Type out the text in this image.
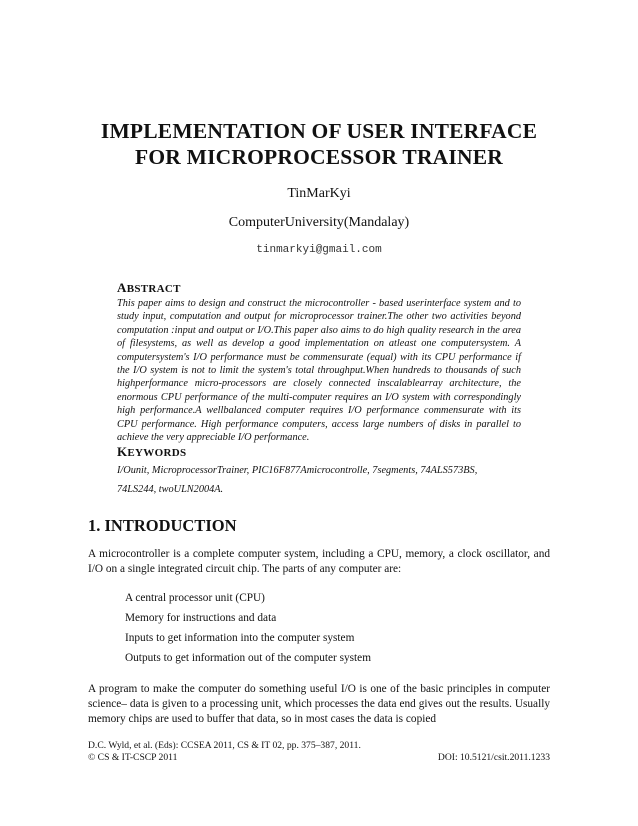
IMPLEMENTATION OF USER INTERFACE
FOR MICROPROCESSOR TRAINER
TinMarKyi
ComputerUniversity(Mandalay)
tinmarkyi@gmail.com
ABSTRACT
This paper aims to design and construct the microcontroller - based userinterface system and to study input, computation and output for microprocessor trainer.The other two activities beyond computation :input and output or I/O.This paper also aims to do high quality research in the area of filesystems, as well as develop a good implementation on atleast one computersystem. A computersystem's I/O performance must be commensurate (equal) with its CPU performance if the I/O system is not to limit the system's total throughput.When hundreds to thousands of such highperformance micro-processors are closely connected inscalablearray architecture, the enormous CPU performance of the multi-computer requires an I/O system with correspondingly high performance.A wellbalanced computer requires I/O performance commensurate with its CPU performance. High performance computers, access large numbers of disks in parallel to achieve the very appreciable I/O performance.
KEYWORDS
I/Ounit, MicroprocessorTrainer, PIC16F877Amicrocontrolle, 7segments, 74ALS573BS,
74LS244, twoULN2004A.
1. INTRODUCTION
A microcontroller is a complete computer system, including a CPU, memory, a clock oscillator, and I/O on a single integrated circuit chip. The parts of any computer are:
A central processor unit (CPU)
Memory for instructions and data
Inputs to get information into the computer system
Outputs to get information out of the computer system
A program to make the computer do something useful I/O is one of the basic principles in computer science– data is given to a processing unit, which processes the data end gives out the results. Usually memory chips are used to buffer that data, so in most cases the data is copied
D.C. Wyld, et al. (Eds): CCSEA 2011, CS & IT 02, pp. 375–387, 2011.
© CS & IT-CSCP 2011	DOI: 10.5121/csit.2011.1233
